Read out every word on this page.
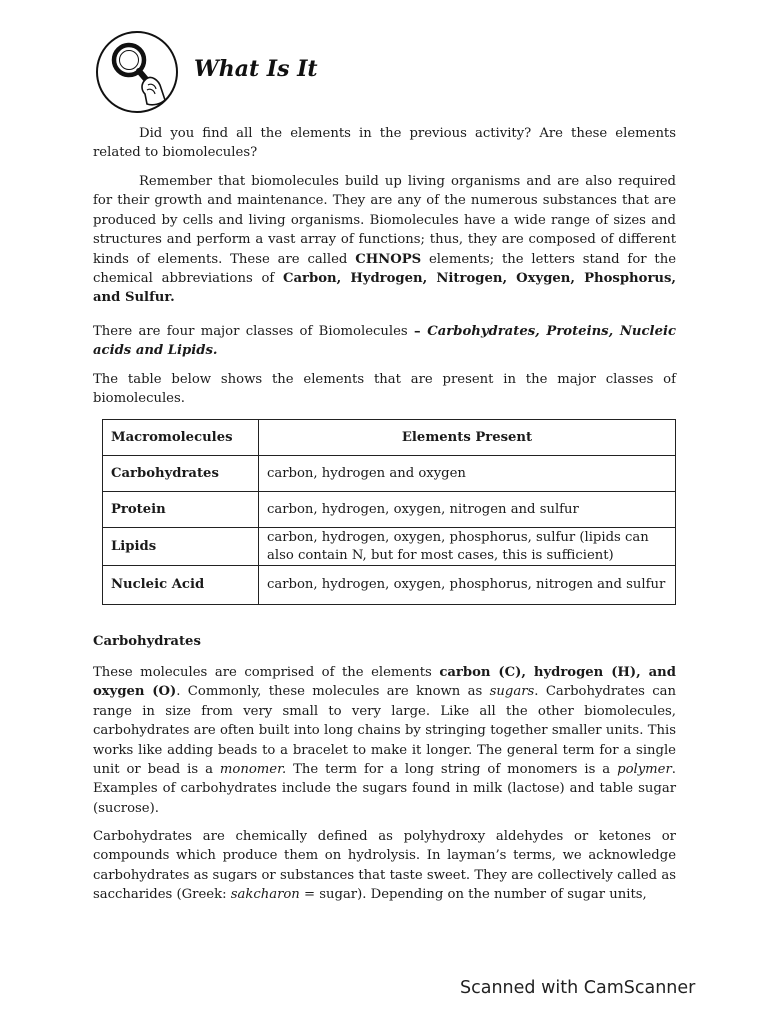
What Is It

Did you find all the elements in the previous activity? Are these elements related to biomolecules?

Remember that biomolecules build up living organisms and are also required for their growth and maintenance. They are any of the numerous substances that are produced by cells and living organisms. Biomolecules have a wide range of sizes and structures and perform a vast array of functions; thus, they are composed of different kinds of elements. These are called CHNOPS elements; the letters stand for the chemical abbreviations of Carbon, Hydrogen, Nitrogen, Oxygen, Phosphorus, and Sulfur.

There are four major classes of Biomolecules – Carbohydrates, Proteins, Nucleic acids and Lipids.

The table below shows the elements that are present in the major classes of biomolecules.

Macromolecules	Elements Present
Carbohydrates	carbon, hydrogen and oxygen
Protein	carbon, hydrogen, oxygen, nitrogen and sulfur
Lipids	carbon, hydrogen, oxygen, phosphorus, sulfur (lipids can also contain N, but for most cases, this is sufficient)
Nucleic Acid	carbon, hydrogen, oxygen, phosphorus, nitrogen and sulfur

Carbohydrates

These molecules are comprised of the elements carbon (C), hydrogen (H), and oxygen (O). Commonly, these molecules are known as sugars. Carbohydrates can range in size from very small to very large. Like all the other biomolecules, carbohydrates are often built into long chains by stringing together smaller units. This works like adding beads to a bracelet to make it longer. The general term for a single unit or bead is a monomer. The term for a long string of monomers is a polymer. Examples of carbohydrates include the sugars found in milk (lactose) and table sugar (sucrose).

Carbohydrates are chemically defined as polyhydroxy aldehydes or ketones or compounds which produce them on hydrolysis. In layman’s terms, we acknowledge carbohydrates as sugars or substances that taste sweet. They are collectively called as saccharides (Greek: sakcharon = sugar). Depending on the number of sugar units,

Scanned with CamScanner
